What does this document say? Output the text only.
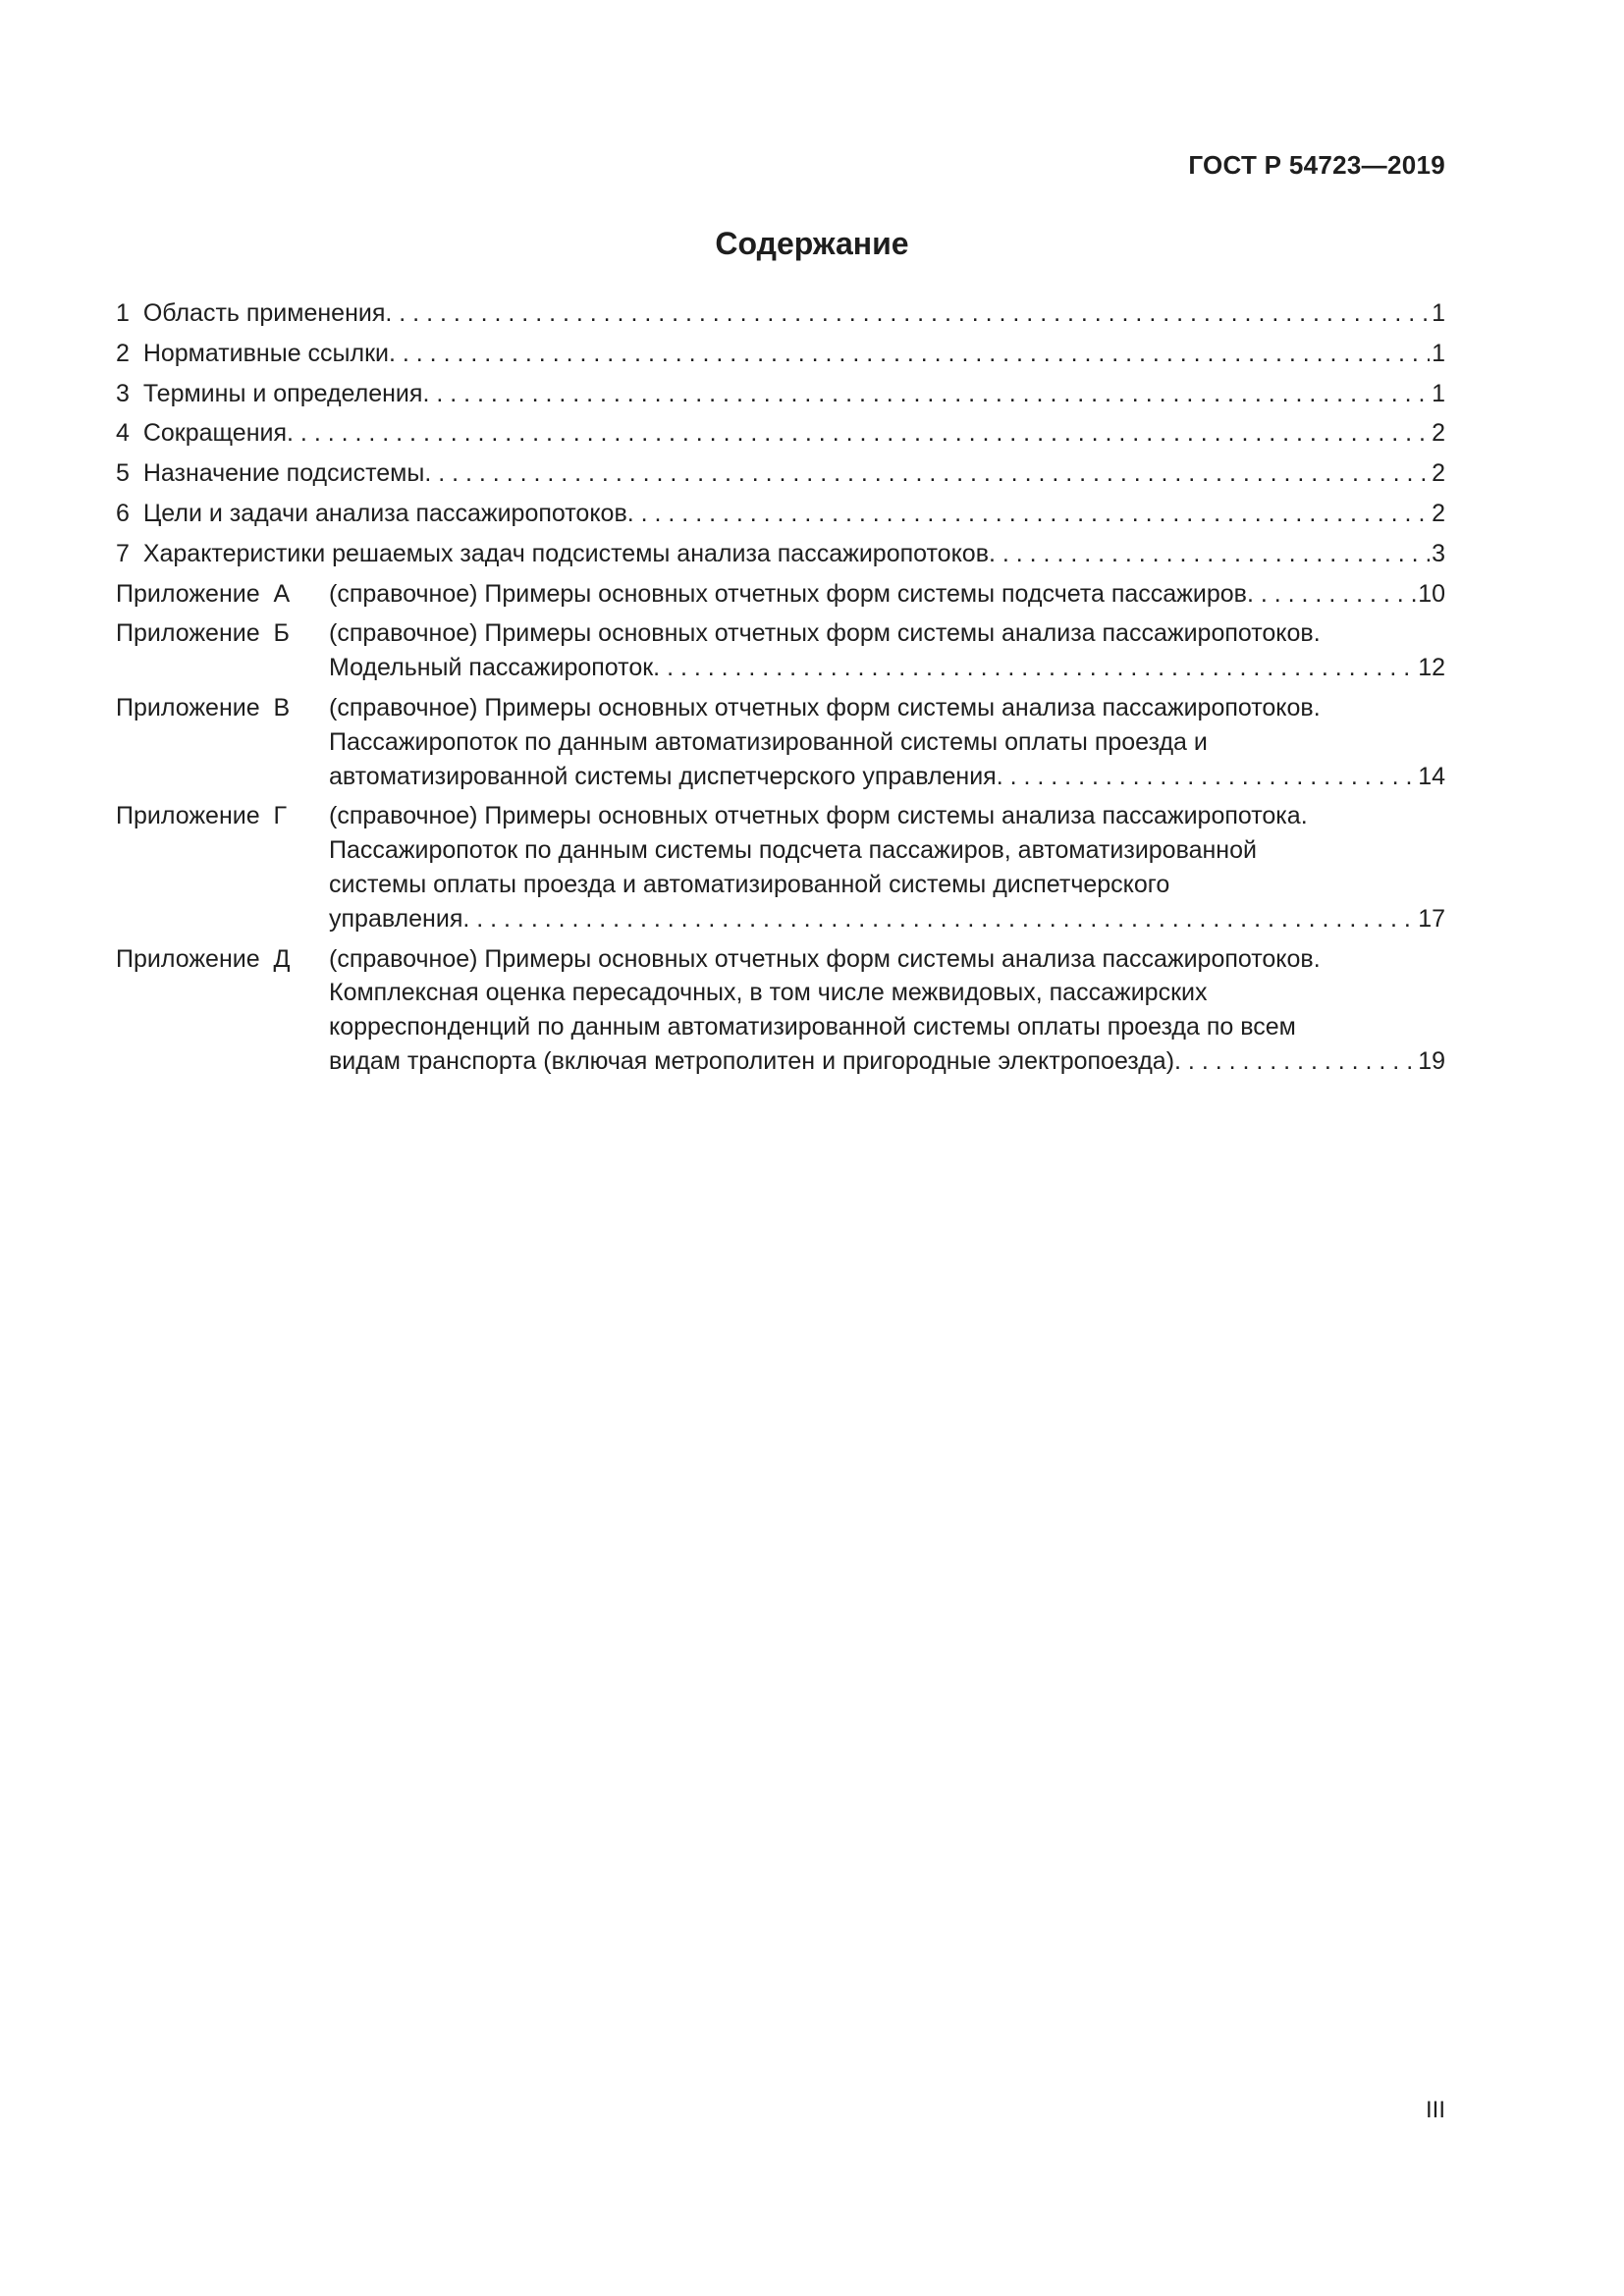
ГОСТ Р 54723—2019
Содержание
1 Область применения . . .	1
2 Нормативные ссылки . . .	1
3 Термины и определения . . .	1
4 Сокращения . . .	2
5 Назначение подсистемы . . .	2
6 Цели и задачи анализа пассажиропотоков . . .	2
7 Характеристики решаемых задач подсистемы анализа пассажиропотоков . . .	3
Приложение  А	(справочное) Примеры основных отчетных форм системы подсчета пассажиров . . .	10
Приложение  Б	(справочное) Примеры основных отчетных форм системы анализа пассажиропотоков.
Модельный пассажиропоток . . .	12
Приложение  В	(справочное) Примеры основных отчетных форм системы анализа пассажиропотоков.
Пассажиропоток по данным автоматизированной системы оплаты проезда и
автоматизированной системы диспетчерского управления . . .	14
Приложение  Г	(справочное) Примеры основных отчетных форм системы анализа пассажиропотока.
Пассажиропоток по данным системы подсчета пассажиров, автоматизированной
системы оплаты проезда и автоматизированной системы диспетчерского
управления . . .	17
Приложение  Д	(справочное) Примеры основных отчетных форм системы анализа пассажиропотоков.
Комплексная оценка пересадочных, в том числе межвидовых, пассажирских
корреспонденций по данным автоматизированной системы оплаты проезда по всем
видам транспорта (включая метрополитен и пригородные электропоезда) . . .	19
III
